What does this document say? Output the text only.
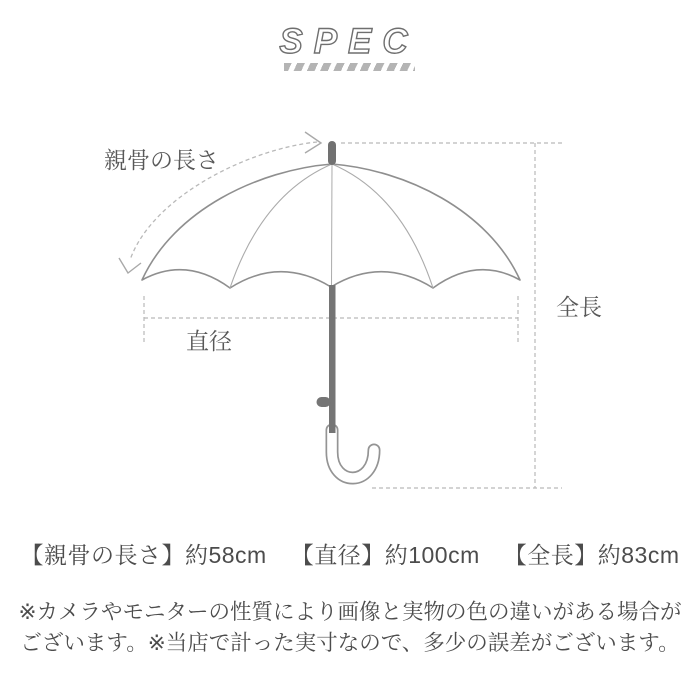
SPEC
親骨の長さ
直径
全長
【親骨の長さ】約58cm 【直径】約100cm 【全長】約83cm
※カメラやモニターの性質により画像と実物の色の違いがある場合が
ございます。※当店で計った実寸なので、多少の誤差がございます。
